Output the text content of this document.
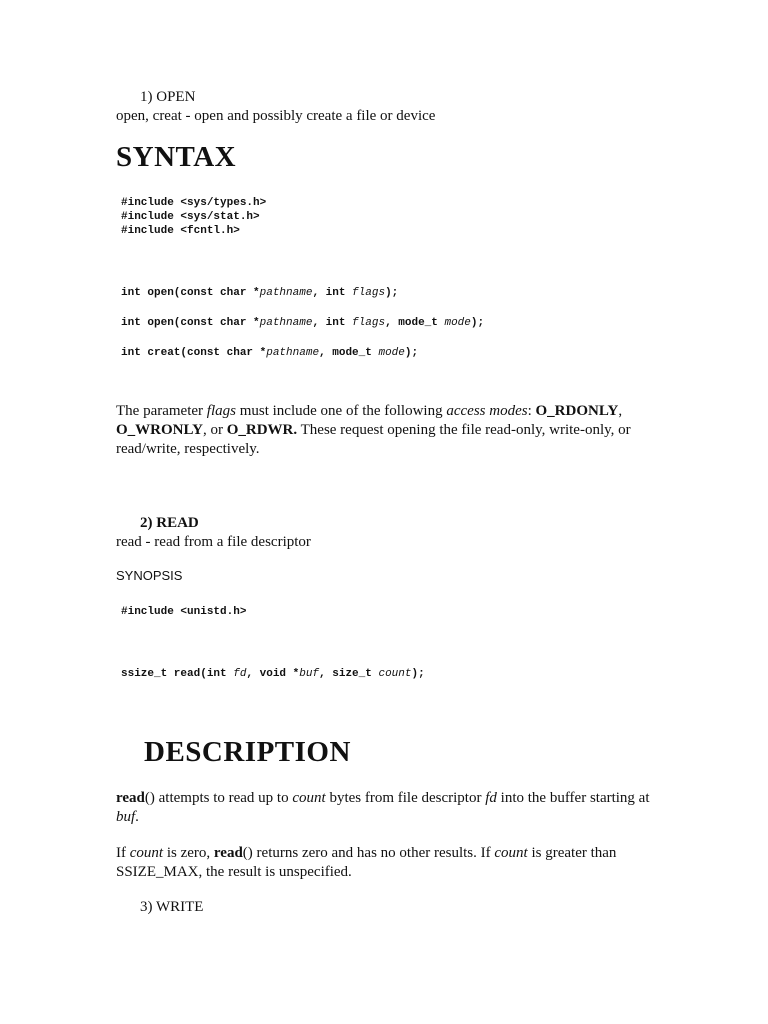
1) OPEN
open, creat - open and possibly create a file or device
SYNTAX
#include <sys/types.h>
#include <sys/stat.h>
#include <fcntl.h>
int open(const char *pathname, int flags);
int open(const char *pathname, int flags, mode_t mode);
int creat(const char *pathname, mode_t mode);
The parameter flags must include one of the following access modes: O_RDONLY, O_WRONLY, or O_RDWR. These request opening the file read-only, write-only, or read/write, respectively.
2) READ
read - read from a file descriptor
SYNOPSIS
#include <unistd.h>
ssize_t read(int fd, void *buf, size_t count);
DESCRIPTION
read() attempts to read up to count bytes from file descriptor fd into the buffer starting at buf.
If count is zero, read() returns zero and has no other results. If count is greater than SSIZE_MAX, the result is unspecified.
3) WRITE
